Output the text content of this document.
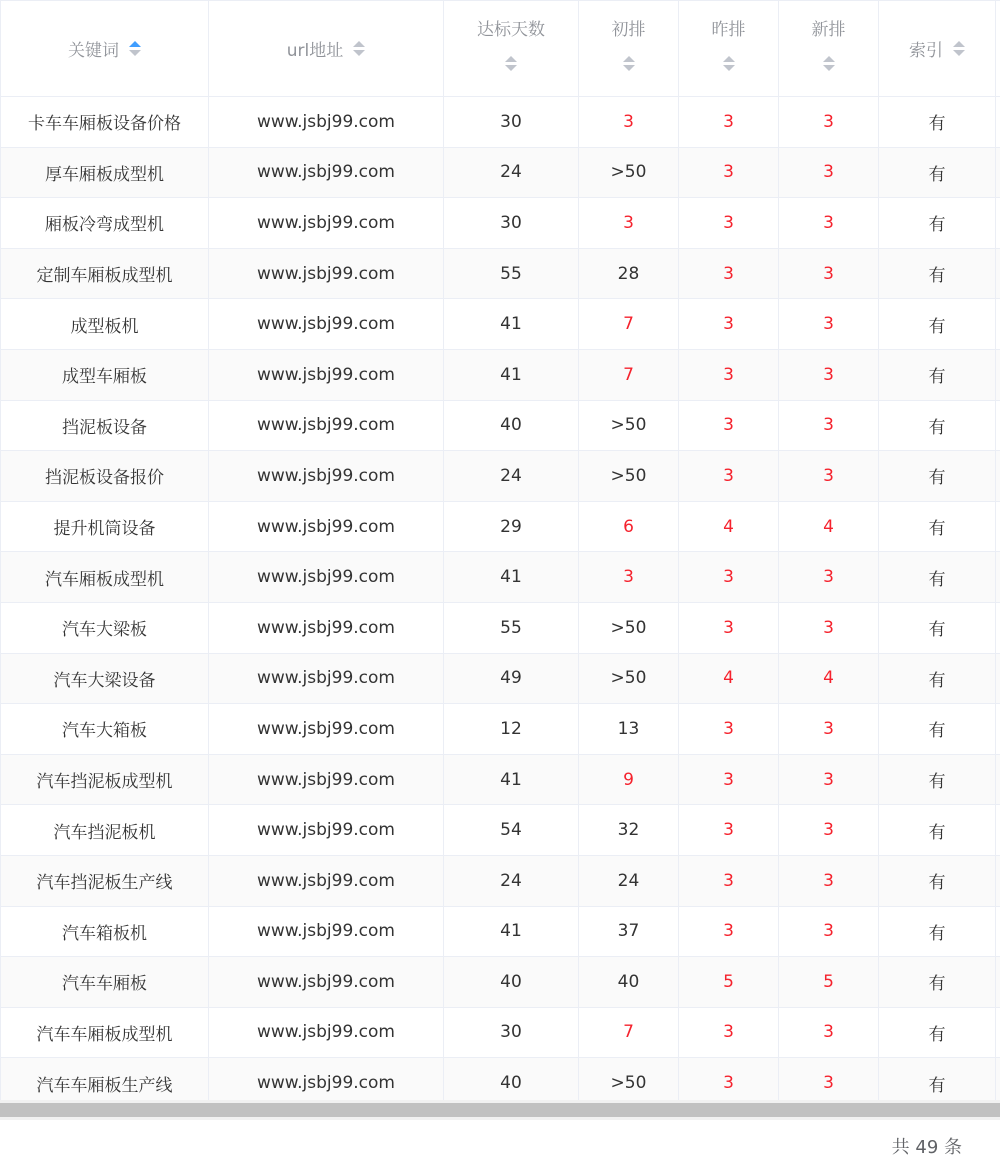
关键词	url地址	达标天数	初排	昨排	新排	索引	

卡车车厢板设备价格	www.jsbj99.com	30	3	3	3	有	
厚车厢板成型机	www.jsbj99.com	24	>50	3	3	有	
厢板冷弯成型机	www.jsbj99.com	30	3	3	3	有	
定制车厢板成型机	www.jsbj99.com	55	28	3	3	有	
成型板机	www.jsbj99.com	41	7	3	3	有	
成型车厢板	www.jsbj99.com	41	7	3	3	有	
挡泥板设备	www.jsbj99.com	40	>50	3	3	有	
挡泥板设备报价	www.jsbj99.com	24	>50	3	3	有	
提升机筒设备	www.jsbj99.com	29	6	4	4	有	
汽车厢板成型机	www.jsbj99.com	41	3	3	3	有	
汽车大梁板	www.jsbj99.com	55	>50	3	3	有	
汽车大梁设备	www.jsbj99.com	49	>50	4	4	有	
汽车大箱板	www.jsbj99.com	12	13	3	3	有	
汽车挡泥板成型机	www.jsbj99.com	41	9	3	3	有	
汽车挡泥板机	www.jsbj99.com	54	32	3	3	有	
汽车挡泥板生产线	www.jsbj99.com	24	24	3	3	有	
汽车箱板机	www.jsbj99.com	41	37	3	3	有	
汽车车厢板	www.jsbj99.com	40	40	5	5	有	
汽车车厢板成型机	www.jsbj99.com	30	7	3	3	有	
汽车车厢板生产线	www.jsbj99.com	40	>50	3	3	有	
共 49 条
